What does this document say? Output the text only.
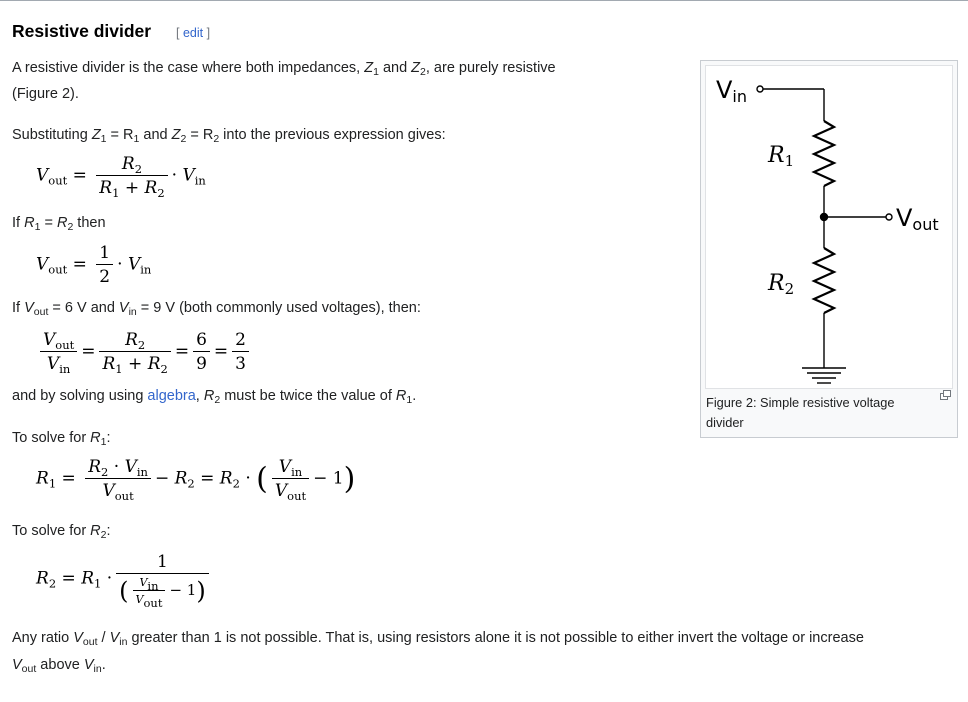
Resistive divider [ edit ]
A resistive divider is the case where both impedances, $Z_1$ and $Z_2$, are purely resistive
(Figure 2).
Substituting $Z_1 = R_1$ and $Z_2 = R_2$ into the previous expression gives:
$V_{out} = \frac{R_2}{R_1 + R_2} \cdot V_{in}$
If $R_1 = R_2$ then
$V_{out} = \frac{1}{2} \cdot V_{in}$
If $V_{out} = 6$ V and $V_{in} = 9$ V (both commonly used voltages), then:
$\frac{V_{out}}{V_{in}} = \frac{R_2}{R_1 + R_2} = \frac{6}{9} = \frac{2}{3}$
and by solving using algebra, $R_2$ must be twice the value of $R_1$.
To solve for $R_1$:
$R_1 = \frac{R_2 \cdot V_{in}}{V_{out}} - R_2 = R_2$ · ( $\frac{V_{in}}{V_{out}} - 1$)
To solve for $R_2$:
$R_2 = R_1 \cdot \frac{1}{( \frac{V_{in}}{V_{out}} - 1)}$
Any ratio $V_{out} / V_{in}$ greater than 1 is not possible. That is, using resistors alone it is not possible to either invert the voltage or increase
$V_{out}$ above $V_{in}$.
Vin
R1
Vout
R2
Figure 2: Simple resistive voltage divider
